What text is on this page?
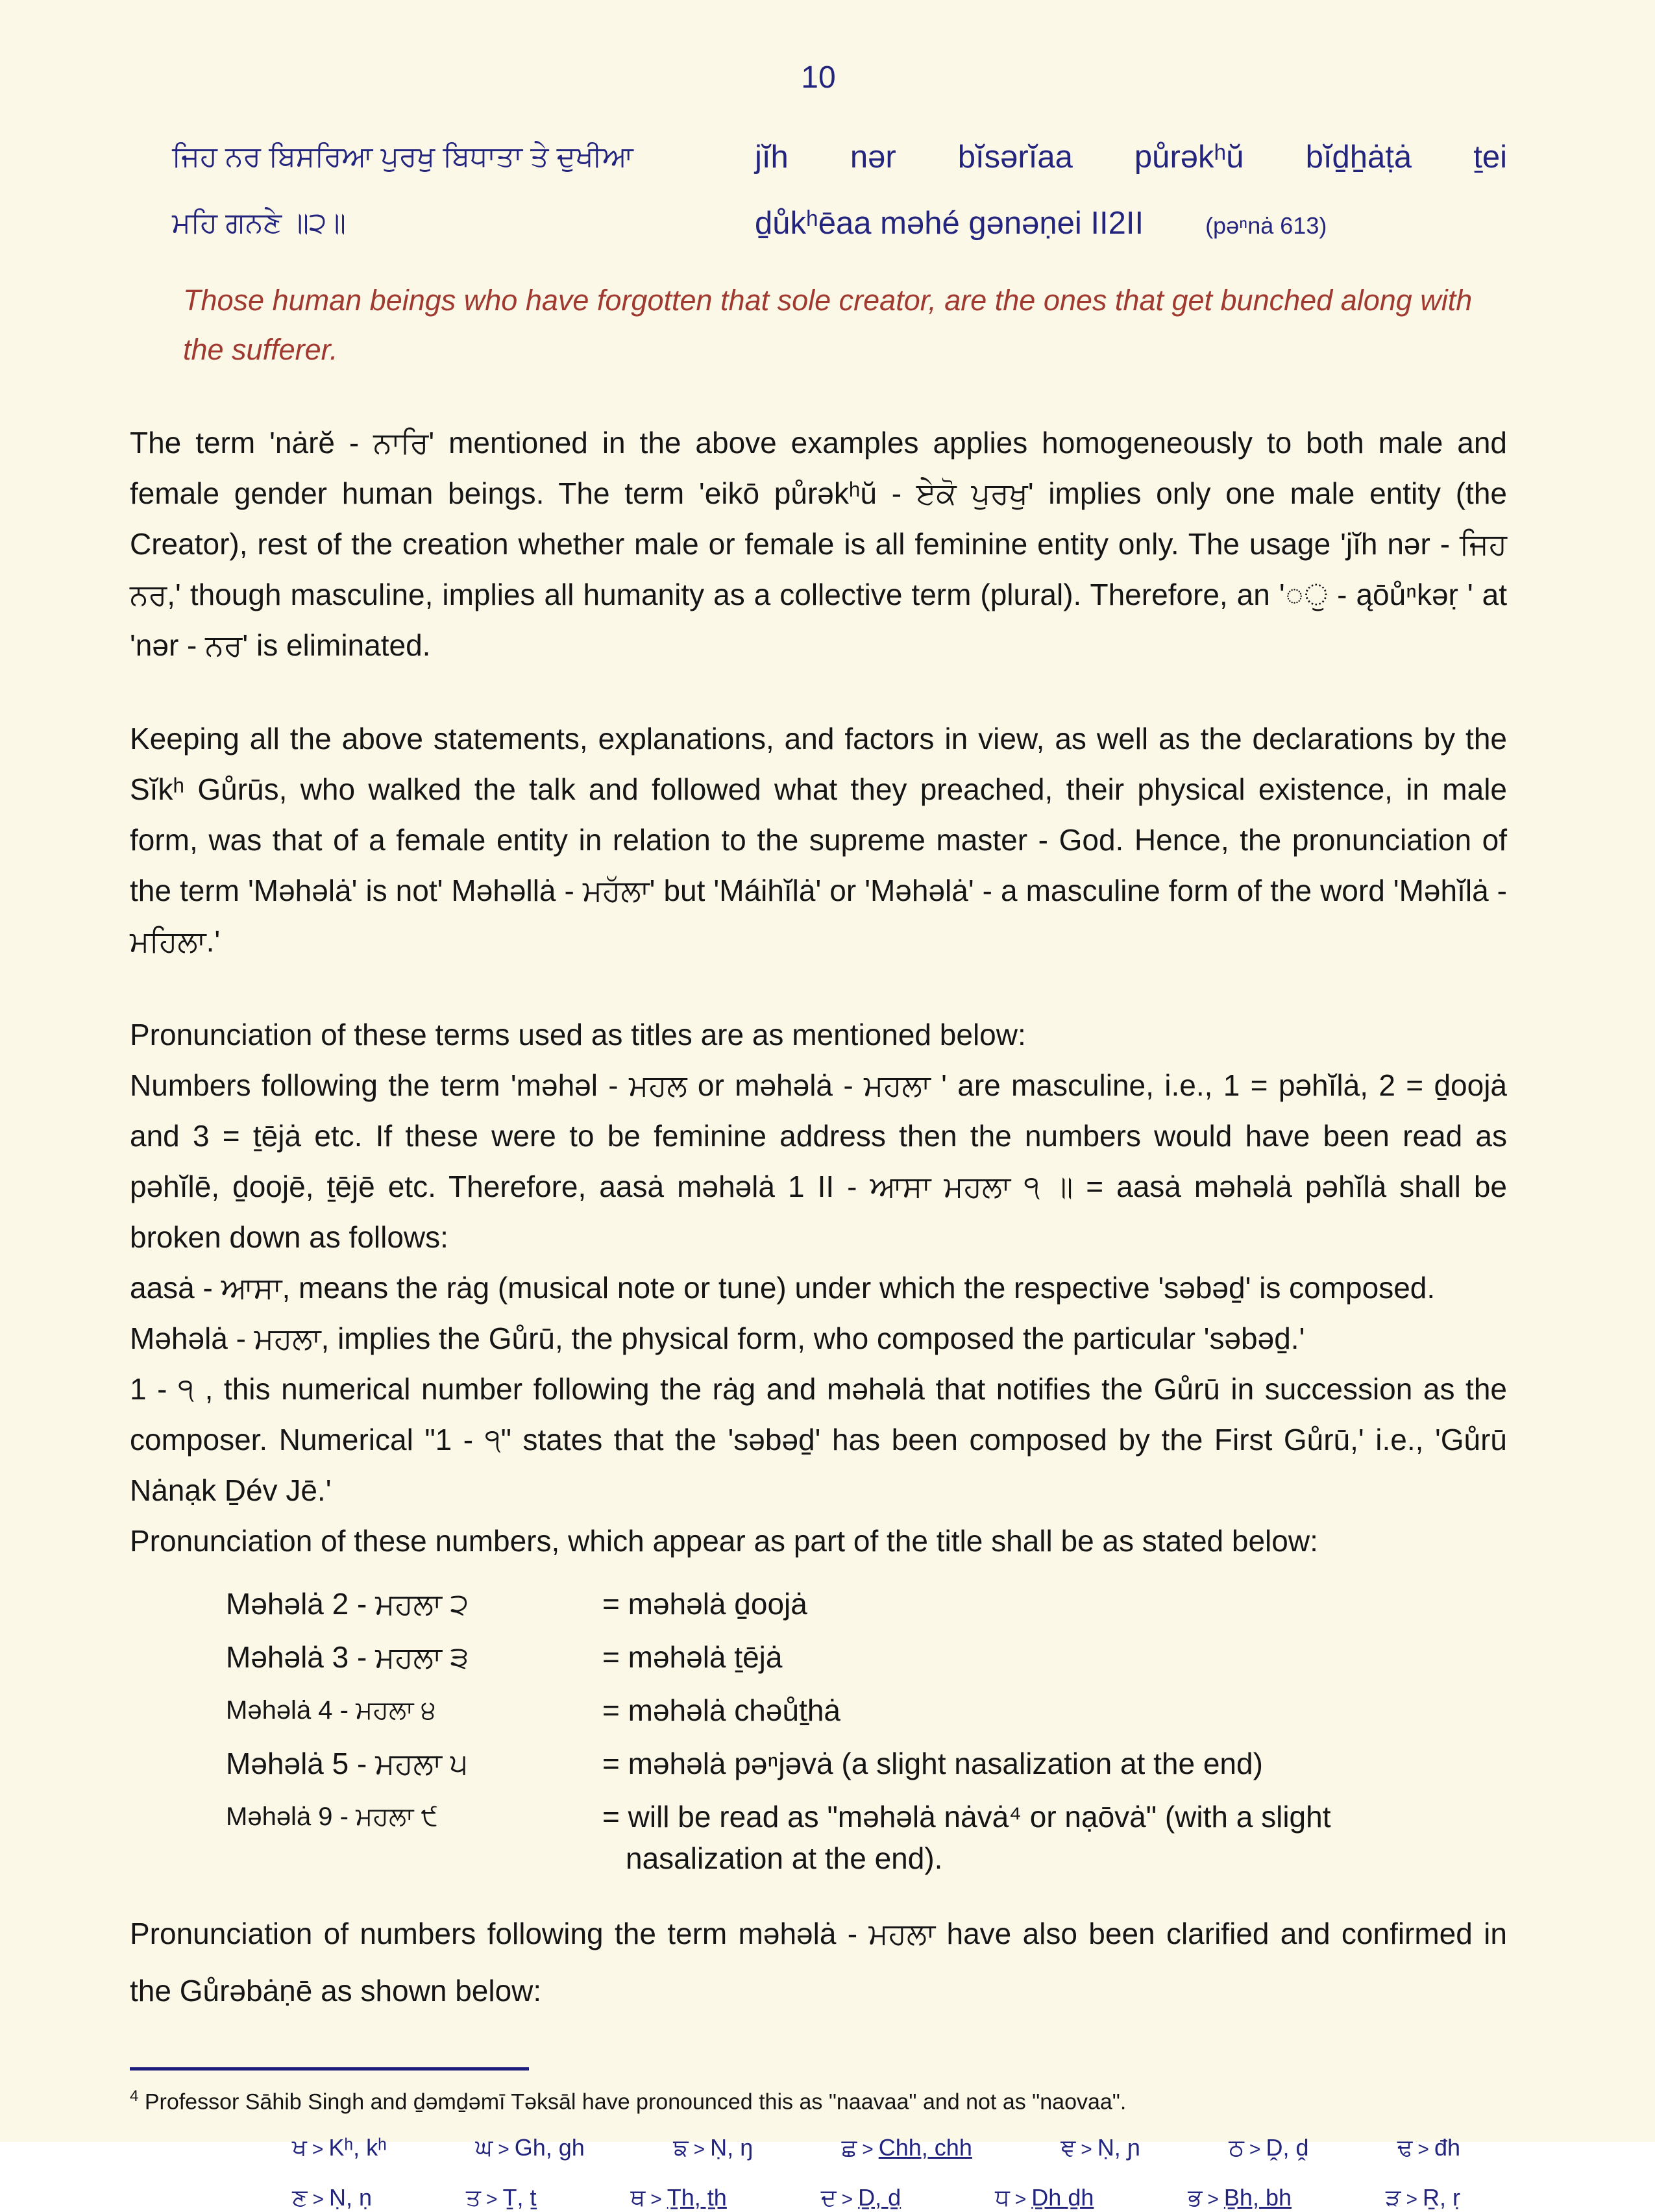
10
ਜਿਹ ਨਰ ਬਿਸਰਿਆ ਪੁਰਖੁ ਬਿਧਾਤਾ ਤੇ ਦੁਖੀਆ
ਮਹਿ ਗਨਣੇ ॥੨॥
jĭh nər bĭsərĭaa půrəkʰŭ bĭd̠h̠ȧṭȧ ṯei
d̠ůkʰēaa məhé gənəṇei II2II	(pəⁿnȧ 613)
Those human beings who have forgotten that sole creator, are the ones that get bunched along with the sufferer.

The term 'nȧrĕ - ਨਾਰਿ' mentioned in the above examples applies homogeneously to both male and female gender human beings. The term 'eikō půrəkʰŭ - ਏਕੋ ਪੁਰਖੁ' implies only one male entity (the Creator), rest of the creation whether male or female is all feminine entity only. The usage 'jĭh nər - ਜਿਹ ਨਰ,' though masculine, implies all humanity as a collective term (plural). Therefore, an '◌ੁ - ąōůⁿkəṛ ' at 'nər - ਨਰ' is eliminated.

Keeping all the above statements, explanations, and factors in view, as well as the declarations by the Sĭkʰ Gůrūs, who walked the talk and followed what they preached, their physical existence, in male form, was that of a female entity in relation to the supreme master - God. Hence, the pronunciation of the term 'Məhəlȧ' is not' Məhəllȧ - ਮਹੱਲਾ' but 'Máihĭlȧ' or 'Məhəlȧ' - a masculine form of the word 'Məhĭlȧ - ਮਹਿਲਾ.'

Pronunciation of these terms used as titles are as mentioned below:

Numbers following the term 'məhəl - ਮਹਲ or məhəlȧ - ਮਹਲਾ ' are masculine, i.e., 1 = pəhĭlȧ, 2 = d̠oojȧ and 3 = ṯējȧ etc. If these were to be feminine address then the numbers would have been read as pəhĭlē, d̠oojē, ṯējē etc. Therefore, aasȧ məhəlȧ 1 II - ਆਸਾ ਮਹਲਾ ੧ ॥ = aasȧ məhəlȧ pəhĭlȧ shall be broken down as follows:

aasȧ - ਆਸਾ, means the rȧg (musical note or tune) under which the respective 'səbəd̠' is composed.

Məhəlȧ - ਮਹਲਾ, implies the Gůrū, the physical form, who composed the particular 'səbəd̠.'

1 - ੧ , this numerical number following the rȧg and məhəlȧ that notifies the Gůrū in succession as the composer. Numerical "1 - ੧" states that the 'səbəd̠' has been composed by the First Gůrū,' i.e., 'Gůrū Nȧnạk D̠év Jē.'

Pronunciation of these numbers, which appear as part of the title shall be as stated below:

Məhəlȧ 2 - ਮਹਲਾ ੨	= məhəlȧ d̠oojȧ
Məhəlȧ 3 - ਮਹਲਾ ੩	= məhəlȧ ṯējȧ
Məhəlȧ 4 - ਮਹਲਾ ੪	= məhəlȧ chəůt̠hȧ
Məhəlȧ 5 - ਮਹਲਾ ੫	= məhəlȧ pəⁿjəvȧ (a slight nasalization at the end)
Məhəlȧ 9 - ਮਹਲਾ ੯	= will be read as "məhəlȧ nȧvȧ⁴ or nạōvȧ" (with a slight
nasalization at the end).

Pronunciation of numbers following the term məhəlȧ - ਮਹਲਾ have also been clarified and confirmed in the Gůrəbȧṇē as shown below:

$^4$ Professor Sāhib Singh and d̠əmd̠əmī Təksāl have pronounced this as "naavaa" and not as "naovaa".
ਖ > Kʰ, kʰ	ਘ > Gh, gh	ਙ > Ṇ, ŋ	ਛ > Chh, chh	ਞ > Ṇ, ɲ	ਠ > Ḓ, ḓ	ਢ > đh
ਣ > Ṇ, ṇ	ਤ > Ṯ, ṯ	ਥ > T̠h, t̠h	ਦ > D̠, d̠	ਧ > D̠h d̠h	ਭ > B̠h, bh	ੜ > Ṟ, ṛ
